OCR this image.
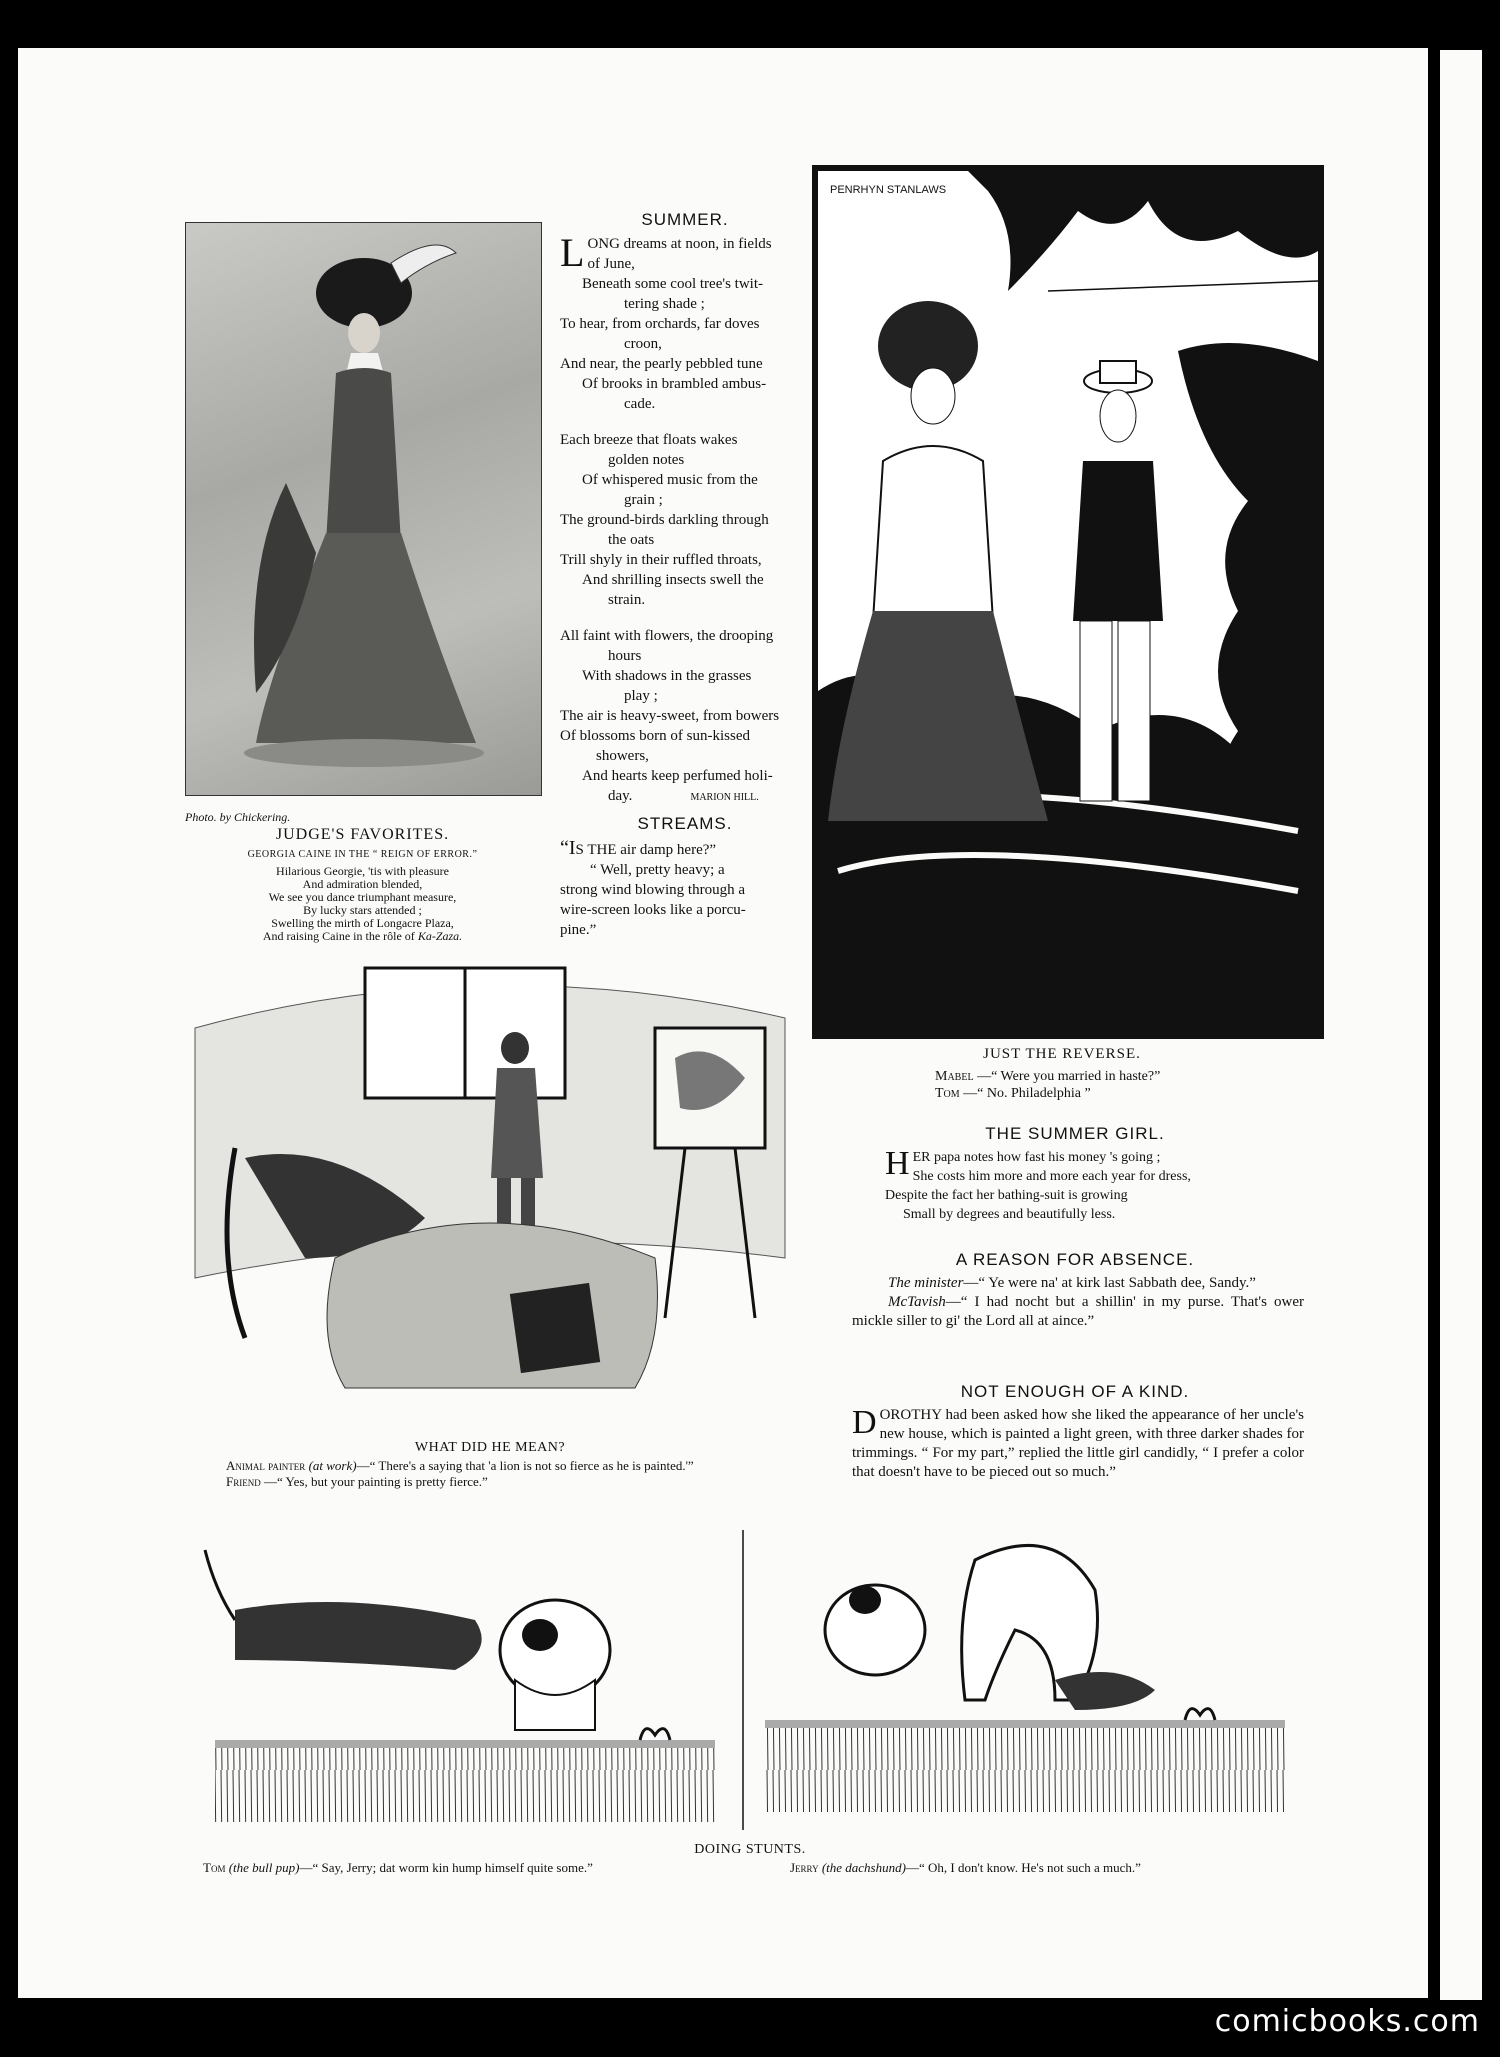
Photo. by Chickering.
JUDGE'S FAVORITES.
GEORGIA CAINE IN THE “ REIGN OF ERROR.”
Hilarious Georgie, 'tis with pleasure
And admiration blended,
We see you dance triumphant measure,
By lucky stars attended ;
Swelling the mirth of Longacre Plaza,
And raising Caine in the rôle of Ka-Zaza.
SUMMER.
LONG dreams at noon, in fields
of June,
Beneath some cool tree's twit-
tering shade ;
To hear, from orchards, far doves
croon,
And near, the pearly pebbled tune
Of brooks in brambled ambus-
cade.
Each breeze that floats wakes
golden notes
Of whispered music from the
grain ;
The ground-birds darkling through
the oats
Trill shyly in their ruffled throats,
And shrilling insects swell the
strain.
All faint with flowers, the drooping
hours
With shadows in the grasses
play ;
The air is heavy-sweet, from bowers
Of blossoms born of sun-kissed
showers,
And hearts keep perfumed holi-
day.	MARION HILL.
STREAMS.
“IS THE air damp here?”
“ Well, pretty heavy; a
strong wind blowing through a
wire-screen looks like a porcu-
pine.”
PENRHYN STANLAWS
JUST THE REVERSE.
Mabel —“ Were you married in haste?”
Tom —“ No. Philadelphia ”
THE SUMMER GIRL.
HER papa notes how fast his money 's going ;
She costs him more and more each year for dress,
Despite the fact her bathing-suit is growing
Small by degrees and beautifully less.
A REASON FOR ABSENCE.
The minister—“ Ye were na' at kirk last Sabbath dee, Sandy.”
McTavish—“ I had nocht but a shillin' in my purse. That's ower mickle siller to gi' the Lord all at aince.”
NOT ENOUGH OF A KIND.
DOROTHY had been asked how she liked the appearance of her uncle's new house, which is painted a light green, with three darker shades for trimmings. “ For my part,” replied the little girl candidly, “ I prefer a color that doesn't have to be pieced out so much.”
WHAT DID HE MEAN?
Animal painter (at work)—“ There's a saying that 'a lion is not so fierce as he is painted.'”
Friend —“ Yes, but your painting is pretty fierce.”
DOING STUNTS.
Tom (the bull pup)—“ Say, Jerry; dat worm kin hump himself quite some.”	Jerry (the dachshund)—“ Oh, I don't know. He's not such a much.”
comicbooks.com
